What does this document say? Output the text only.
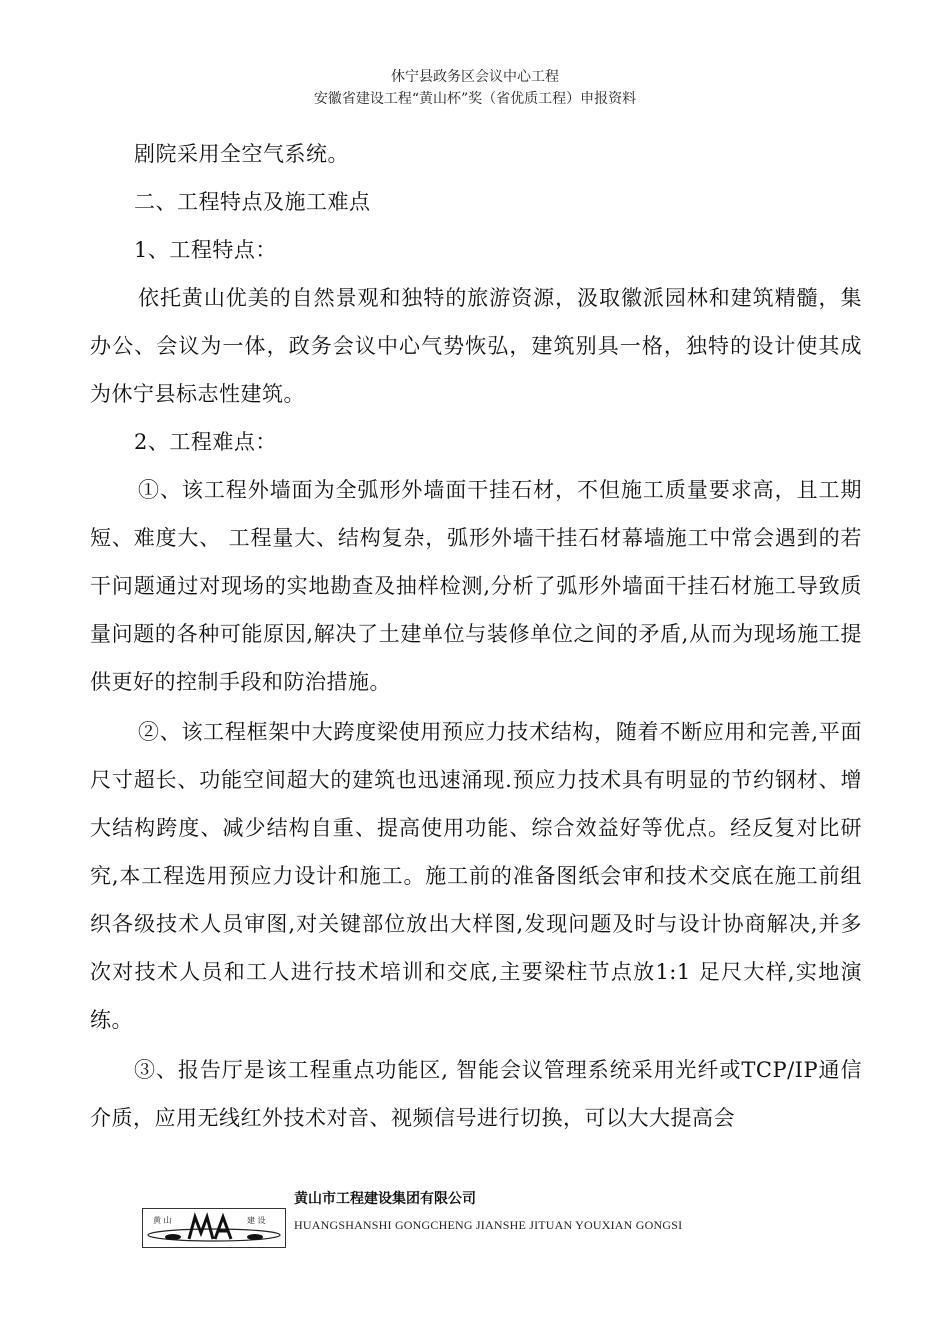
休宁县政务区会议中心工程
安徽省建设工程“黄山杯”奖（省优质工程）申报资料

剧院采用全空气系统。

二、工程特点及施工难点

1、工程特点：

依托黄山优美的自然景观和独特的旅游资源，汲取徽派园林和建筑精髓，集办公、会议为一体，政务会议中心气势恢弘，建筑别具一格，独特的设计使其成为休宁县标志性建筑。

2、工程难点：

①、该工程外墙面为全弧形外墙面干挂石材，不但施工质量要求高，且工期短、难度大、 工程量大、结构复杂，弧形外墙干挂石材幕墙施工中常会遇到的若干问题通过对现场的实地勘查及抽样检测,分析了弧形外墙面干挂石材施工导致质量问题的各种可能原因,解决了土建单位与装修单位之间的矛盾,从而为现场施工提供更好的控制手段和防治措施。

②、该工程框架中大跨度梁使用预应力技术结构，随着不断应用和完善,平面尺寸超长、功能空间超大的建筑也迅速涌现.预应力技术具有明显的节约钢材、增大结构跨度、减少结构自重、提高使用功能、综合效益好等优点。经反复对比研究,本工程选用预应力设计和施工。施工前的准备图纸会审和技术交底在施工前组织各级技术人员审图,对关键部位放出大样图,发现问题及时与设计协商解决,并多次对技术人员和工人进行技术培训和交底,主要梁柱节点放1:1 足尺大样,实地演练。

③、报告厅是该工程重点功能区, 智能会议管理系统采用光纤或TCP/IP通信介质，应用无线红外技术对音、视频信号进行切换，可以大大提高会

黄 山	建 设
黄山市工程建设集团有限公司
HUANGSHANSHI GONGCHENG JIANSHE JITUAN YOUXIAN GONGSI
